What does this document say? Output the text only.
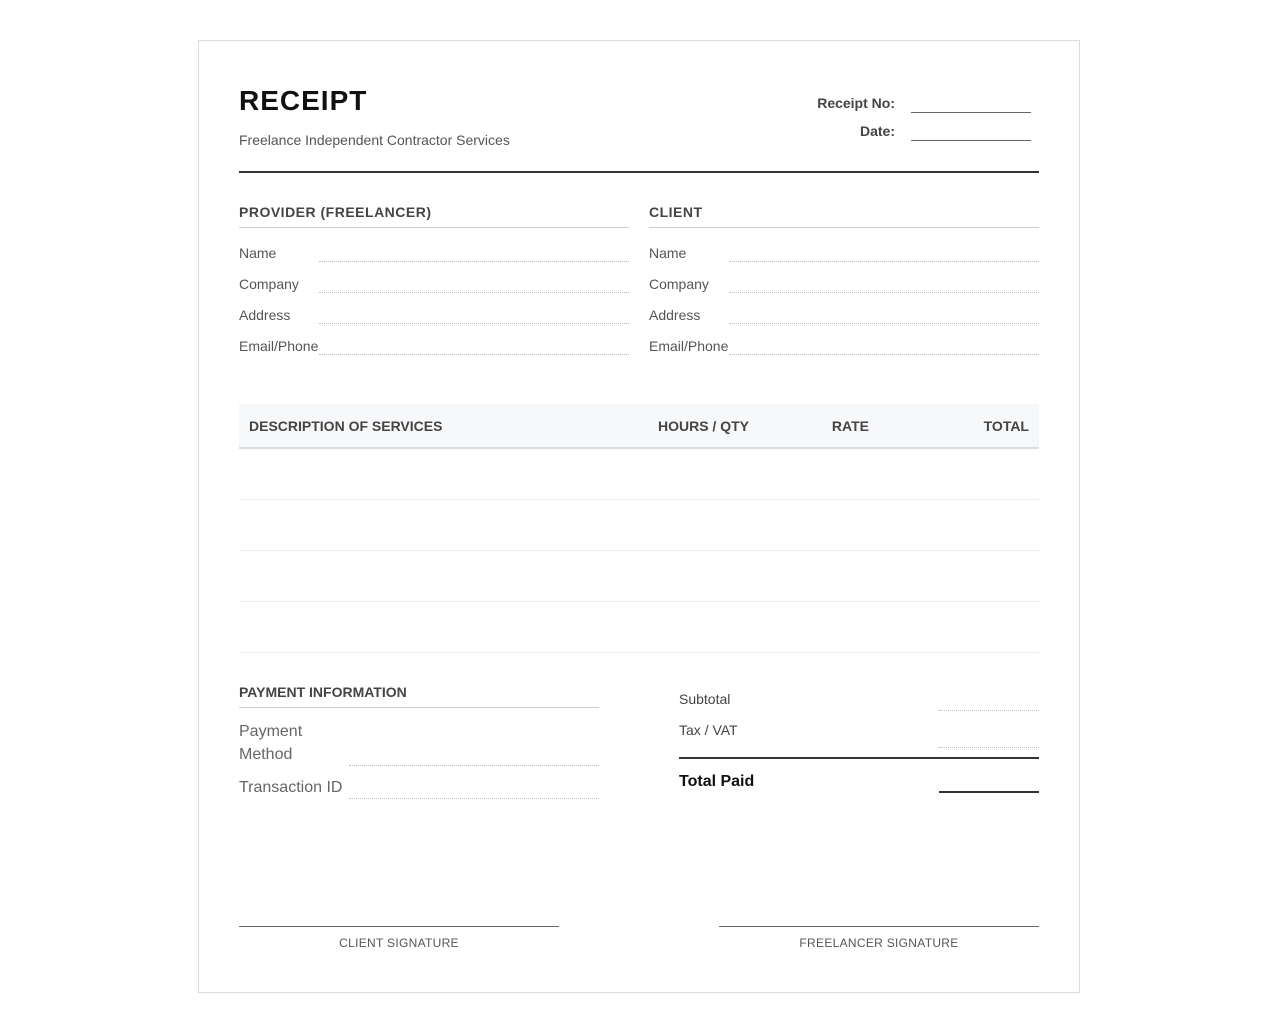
RECEIPT
Freelance Independent Contractor Services
Receipt No:
Date:
PROVIDER (FREELANCER)
Name
Company
Address
Email/Phone
CLIENT
Name
Company
Address
Email/Phone
DESCRIPTION OF SERVICES	HOURS / QTY	RATE	TOTAL

PAYMENT INFORMATION
Payment Method
Transaction ID
Subtotal
Tax / VAT
Total Paid
CLIENT SIGNATURE	FREELANCER SIGNATURE
